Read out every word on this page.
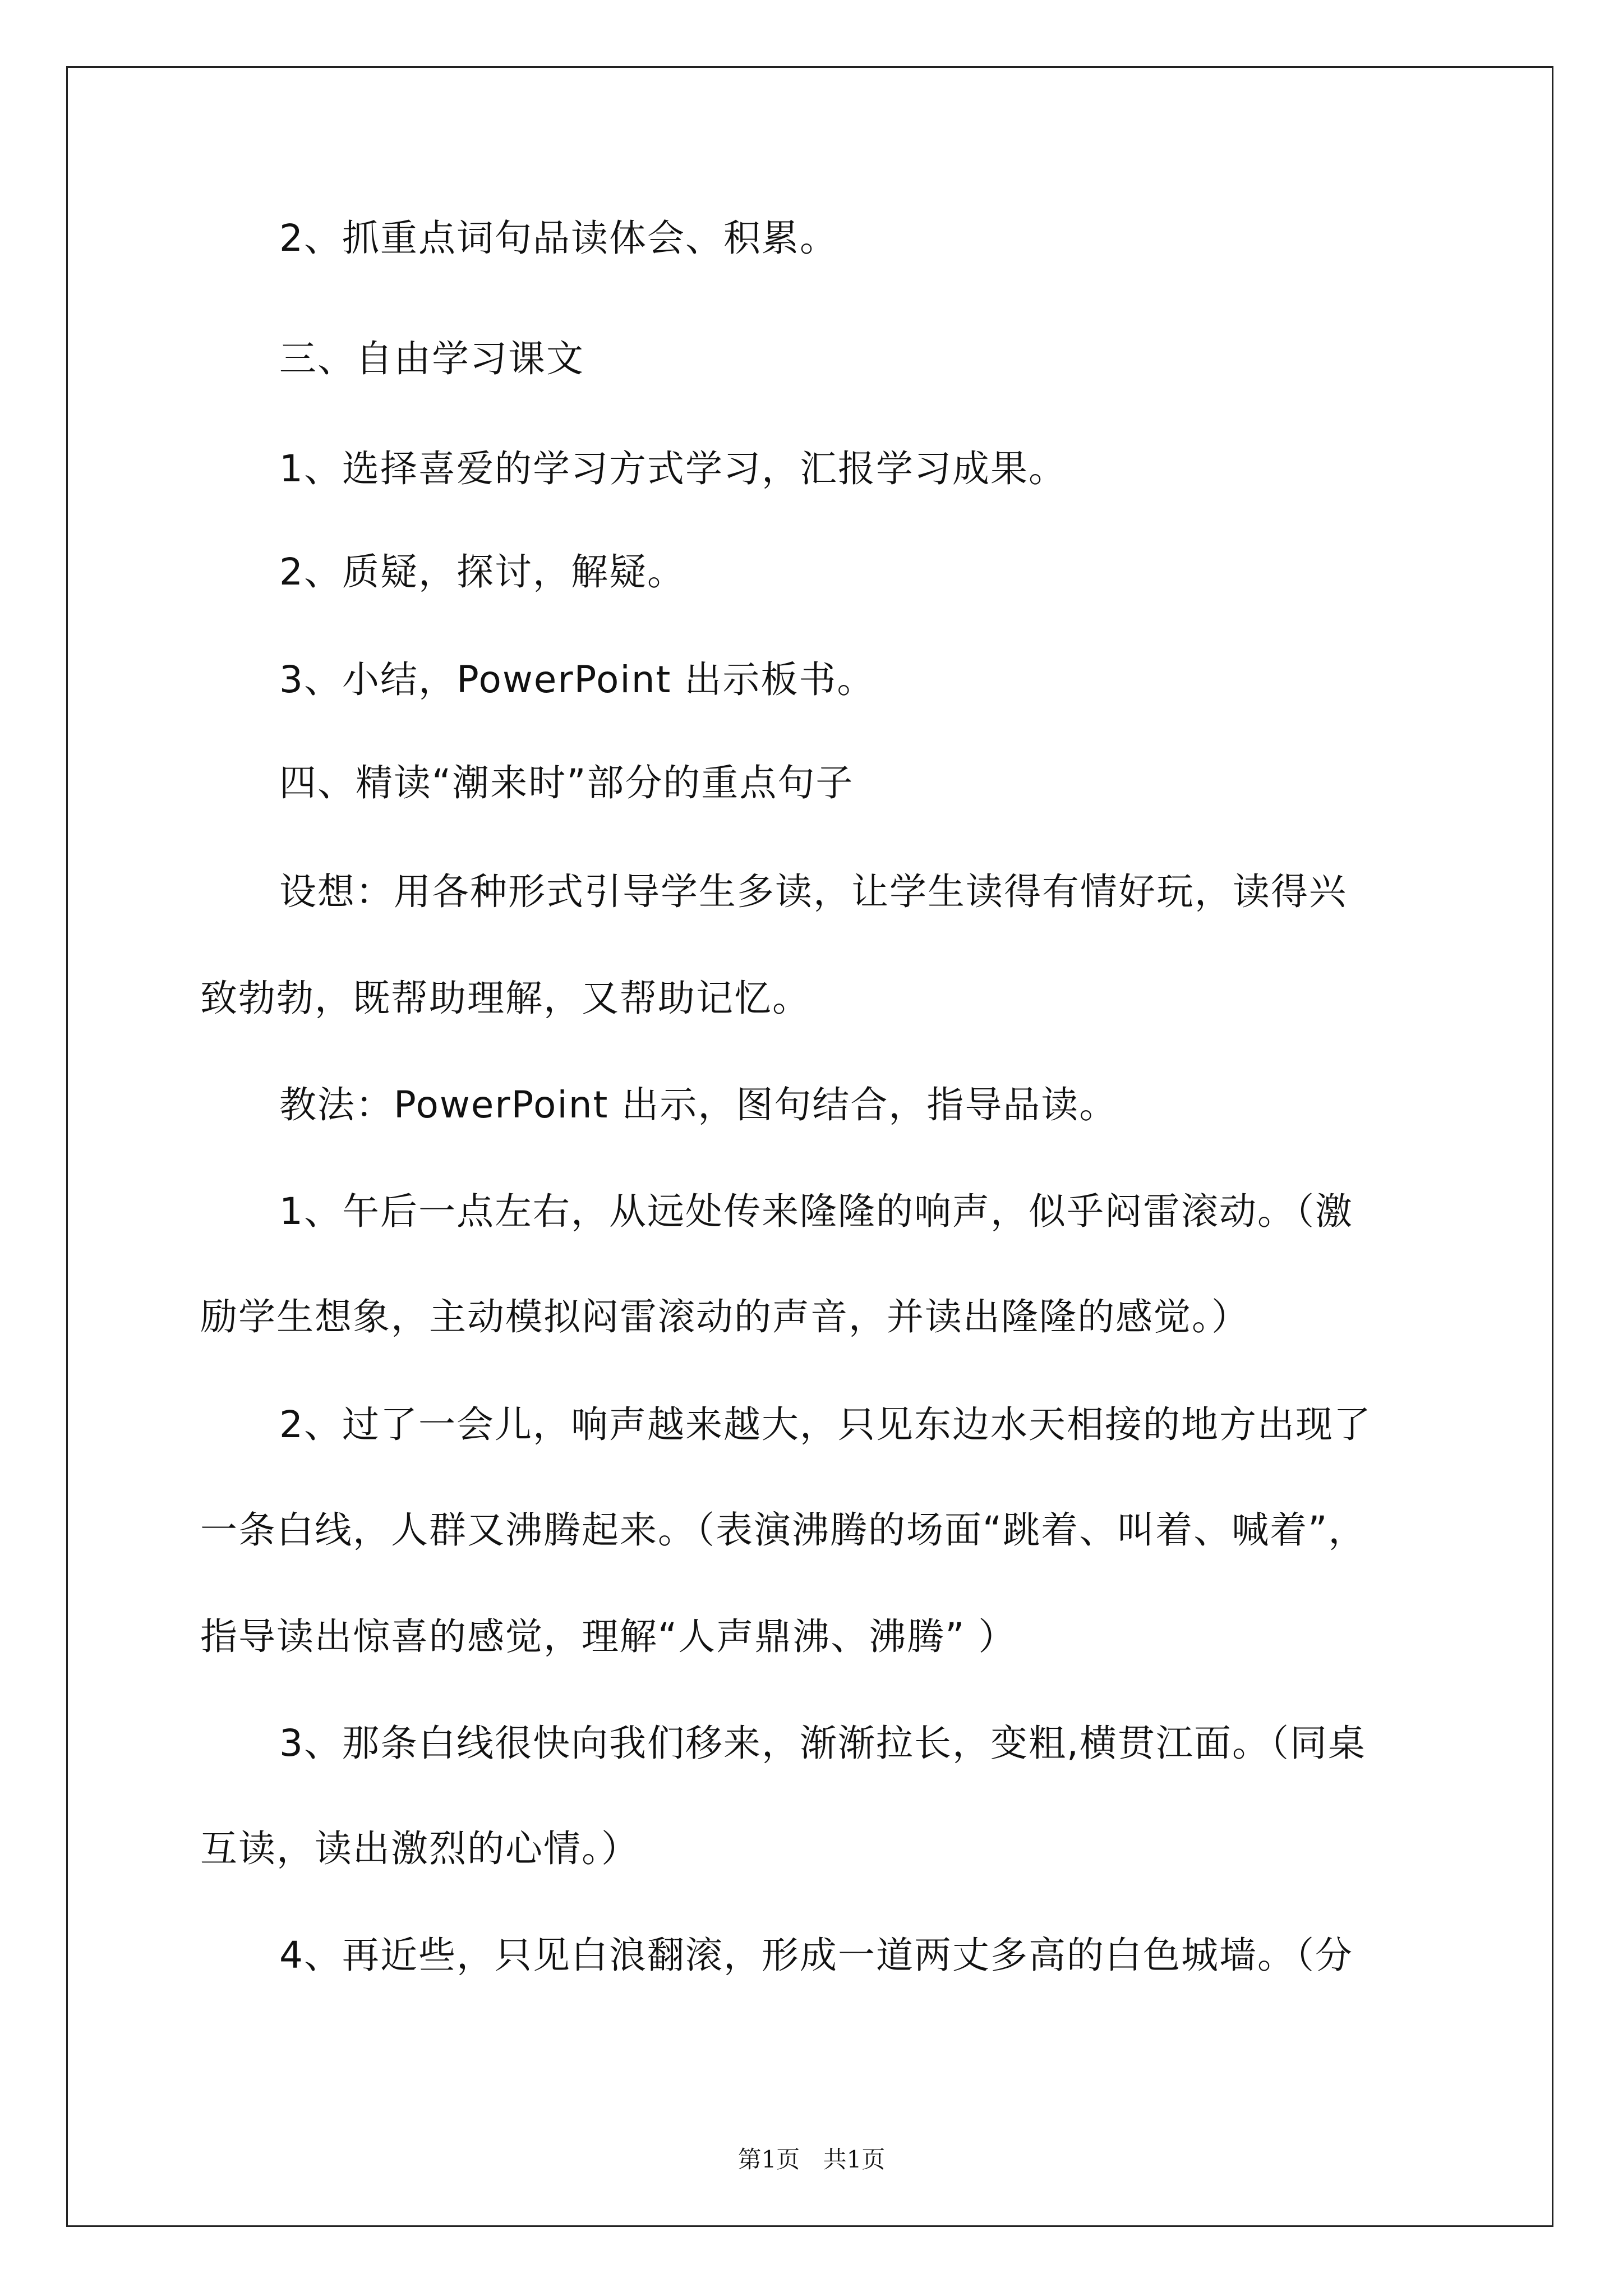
2、抓重点词句品读体会、积累。
三、自由学习课文
1、选择喜爱的学习方式学习，汇报学习成果。
2、质疑，探讨，解疑。
3、小结，PowerPoint 出示板书。
四、精读“潮来时”部分的重点句子
设想：用各种形式引导学生多读，让学生读得有情好玩，读得兴
致勃勃，既帮助理解，又帮助记忆。
教法：PowerPoint 出示，图句结合，指导品读。
1、午后一点左右，从远处传来隆隆的响声，似乎闷雷滚动。（激
励学生想象，主动模拟闷雷滚动的声音，并读出隆隆的感觉。）
2、过了一会儿，响声越来越大，只见东边水天相接的地方出现了
一条白线，人群又沸腾起来。（表演沸腾的场面“跳着、叫着、喊着”，
指导读出惊喜的感觉，理解“人声鼎沸、沸腾” ）
3、那条白线很快向我们移来，渐渐拉长，变粗,横贯江面。（同桌
互读，读出激烈的心情。）
4、再近些，只见白浪翻滚，形成一道两丈多高的白色城墙。（分
第1页 共1页
